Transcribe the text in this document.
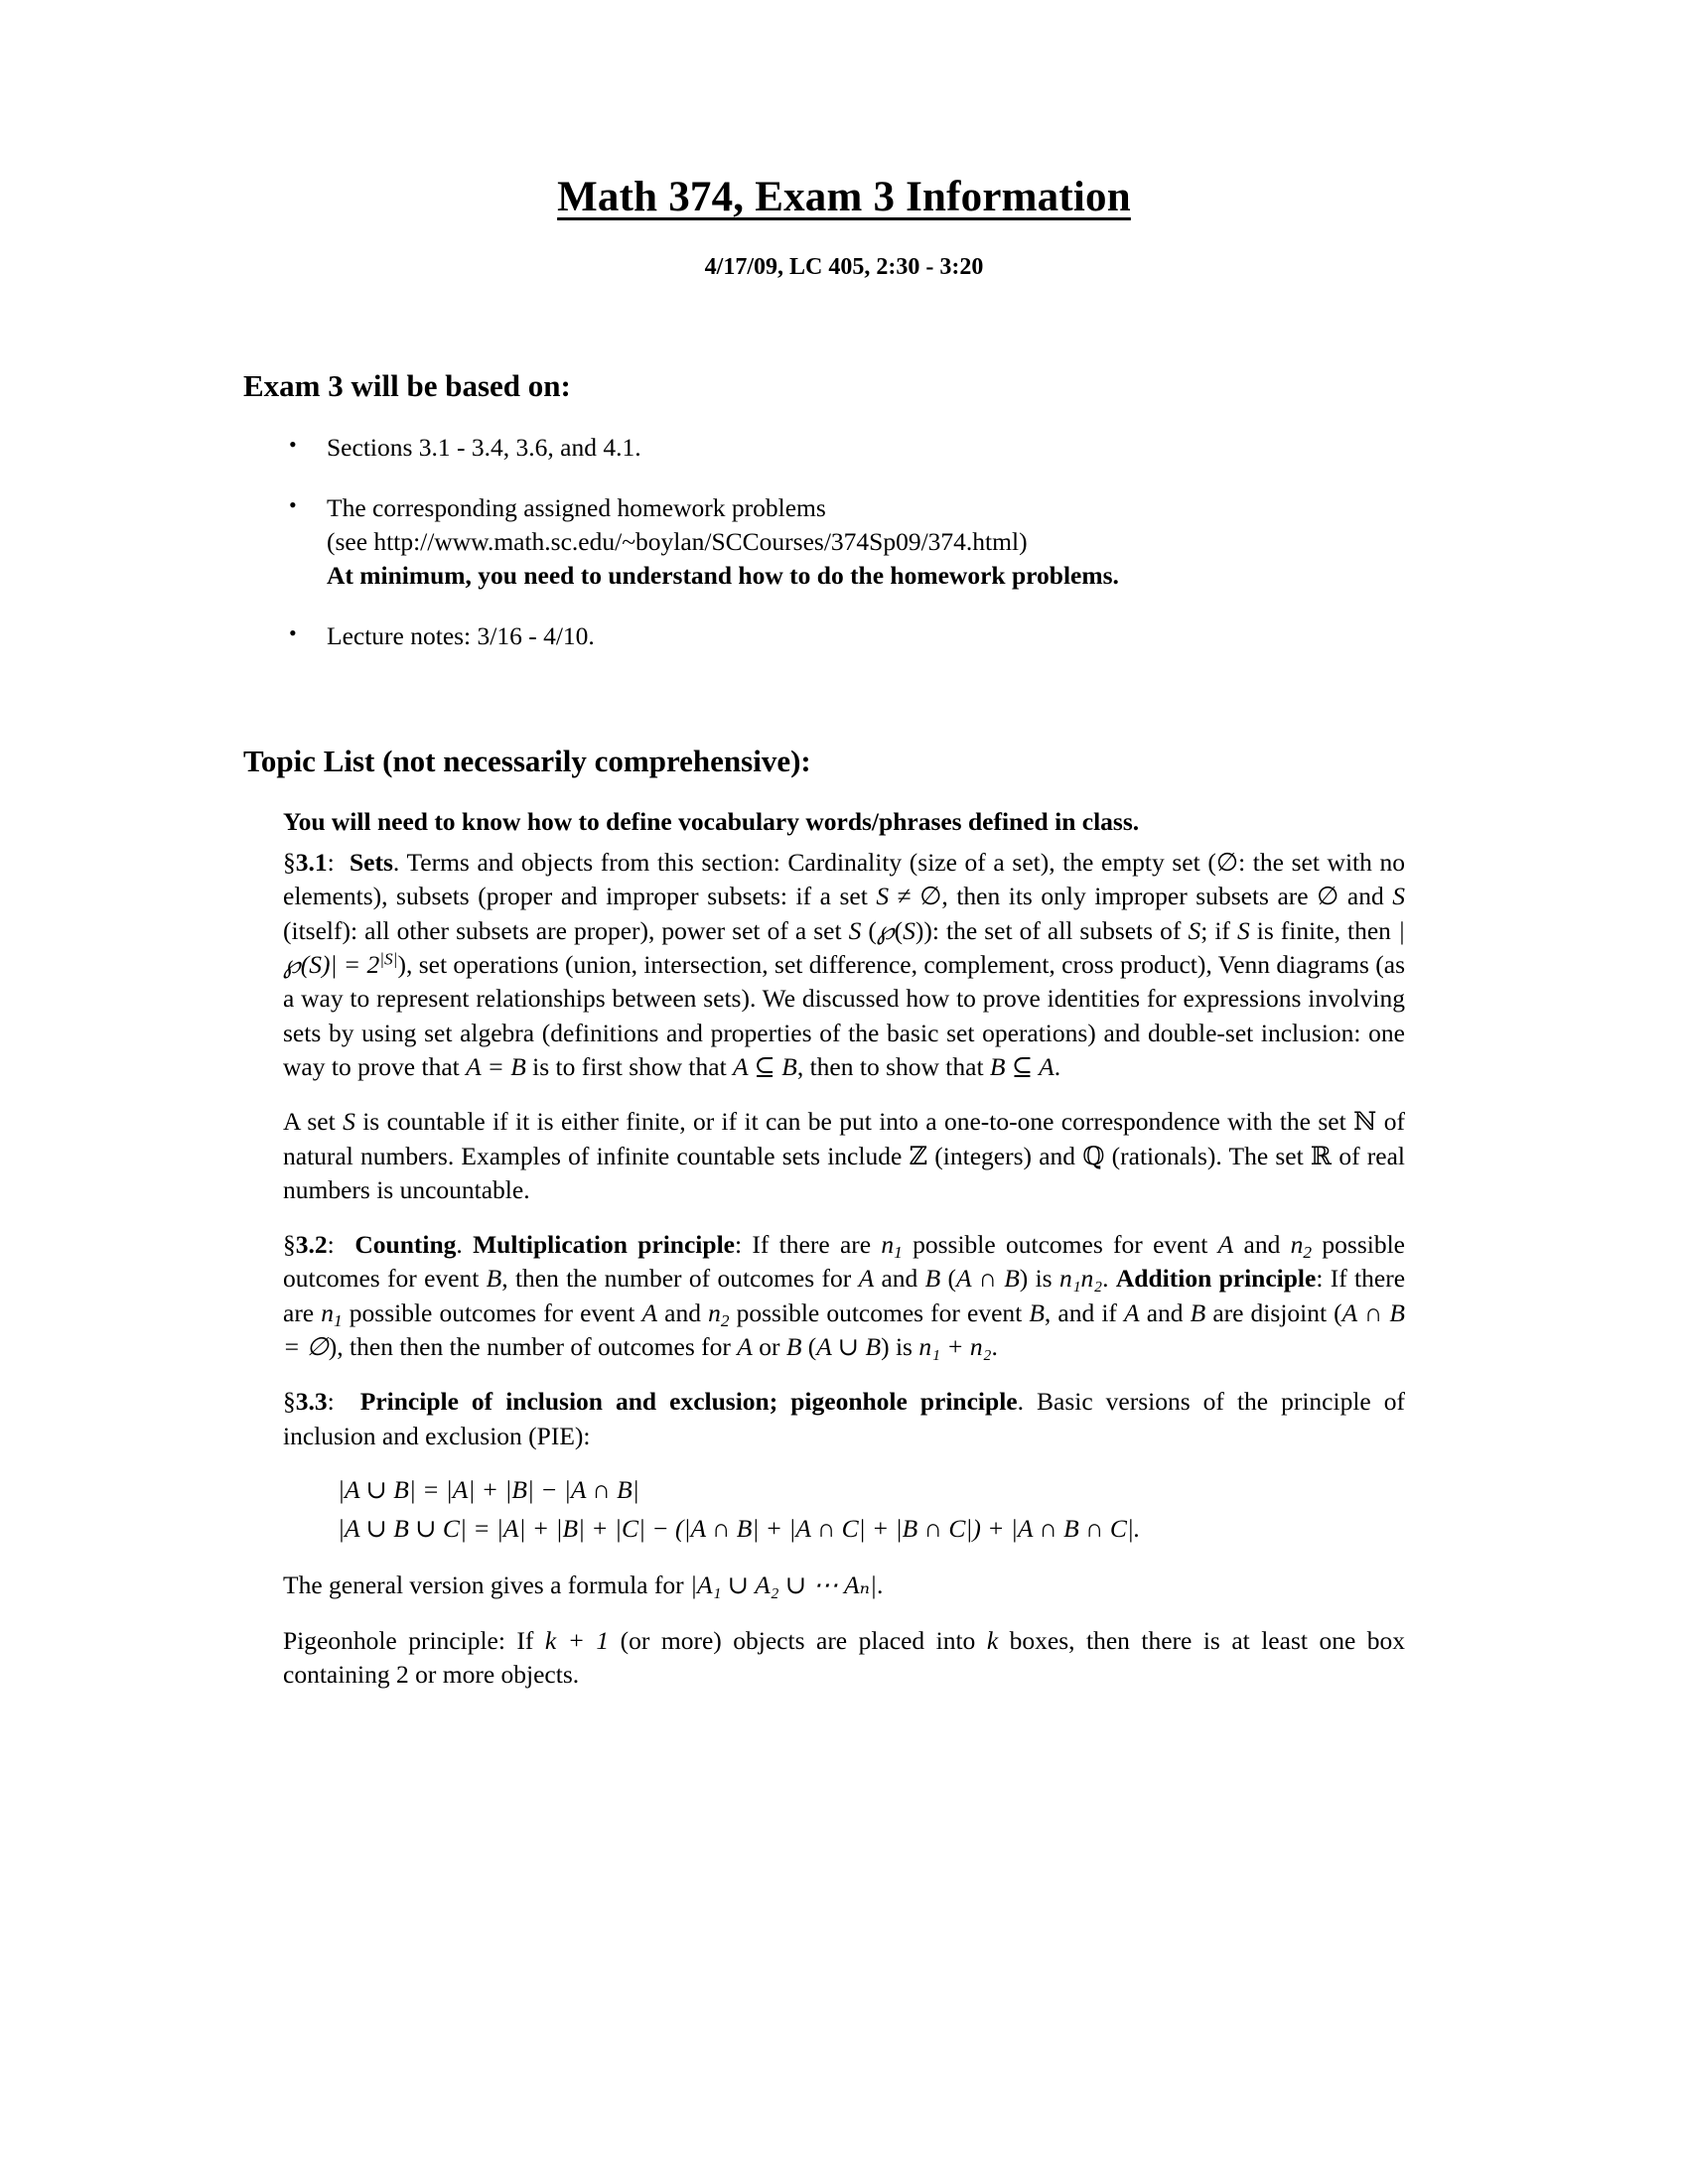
Math 374, Exam 3 Information
4/17/09, LC 405, 2:30 - 3:20
Exam 3 will be based on:
• Sections 3.1 - 3.4, 3.6, and 4.1.
• The corresponding assigned homework problems
(see http://www.math.sc.edu/~boylan/SCCourses/374Sp09/374.html)
At minimum, you need to understand how to do the homework problems.
• Lecture notes: 3/16 - 4/10.
Topic List (not necessarily comprehensive):

You will need to know how to define vocabulary words/phrases defined in class.

§3.1: Sets. Terms and objects from this section: Cardinality (size of a set), the empty set (∅: the set with no elements), subsets (proper and improper subsets: if a set S ≠ ∅, then its only improper subsets are ∅ and S (itself): all other subsets are proper), power set of a set S (℘(S)): the set of all subsets of S; if S is finite, then |℘(S)| = $2^{|S|}$), set operations (union, intersection, set difference, complement, cross product), Venn diagrams (as a way to represent relationships between sets). We discussed how to prove identities for expressions involving sets by using set algebra (definitions and properties of the basic set operations) and double-set inclusion: one way to prove that A = B is to first show that A ⊆ B, then to show that B ⊆ A.

A set S is countable if it is either finite, or if it can be put into a one-to-one correspondence with the set ℕ of natural numbers. Examples of infinite countable sets include ℤ (integers) and ℚ (rationals). The set ℝ of real numbers is uncountable.

§3.2: Counting. Multiplication principle: If there are $n_1$ possible outcomes for event A and $n_2$ possible outcomes for event B, then the number of outcomes for A and B (A ∩ B) is n₁n₂. Addition principle: If there are $n_1$ possible outcomes for event A and $n_2$ possible outcomes for event B, and if A and B are disjoint (A ∩ B = ∅), then then the number of outcomes for A or B (A ∪ B) is n₁ + n₂.

§3.3: Principle of inclusion and exclusion; pigeonhole principle. Basic versions of the principle of inclusion and exclusion (PIE):

|A ∪ B| = |A| + |B| − |A ∩ B|
|A ∪ B ∪ C| = |A| + |B| + |C| − (|A ∩ B| + |A ∩ C| + |B ∩ C|) + |A ∩ B ∩ C|.

The general version gives a formula for |A₁ ∪ A₂ ∪ ⋯ Aₙ|.

Pigeonhole principle: If k + 1 (or more) objects are placed into k boxes, then there is at least one box containing 2 or more objects.
